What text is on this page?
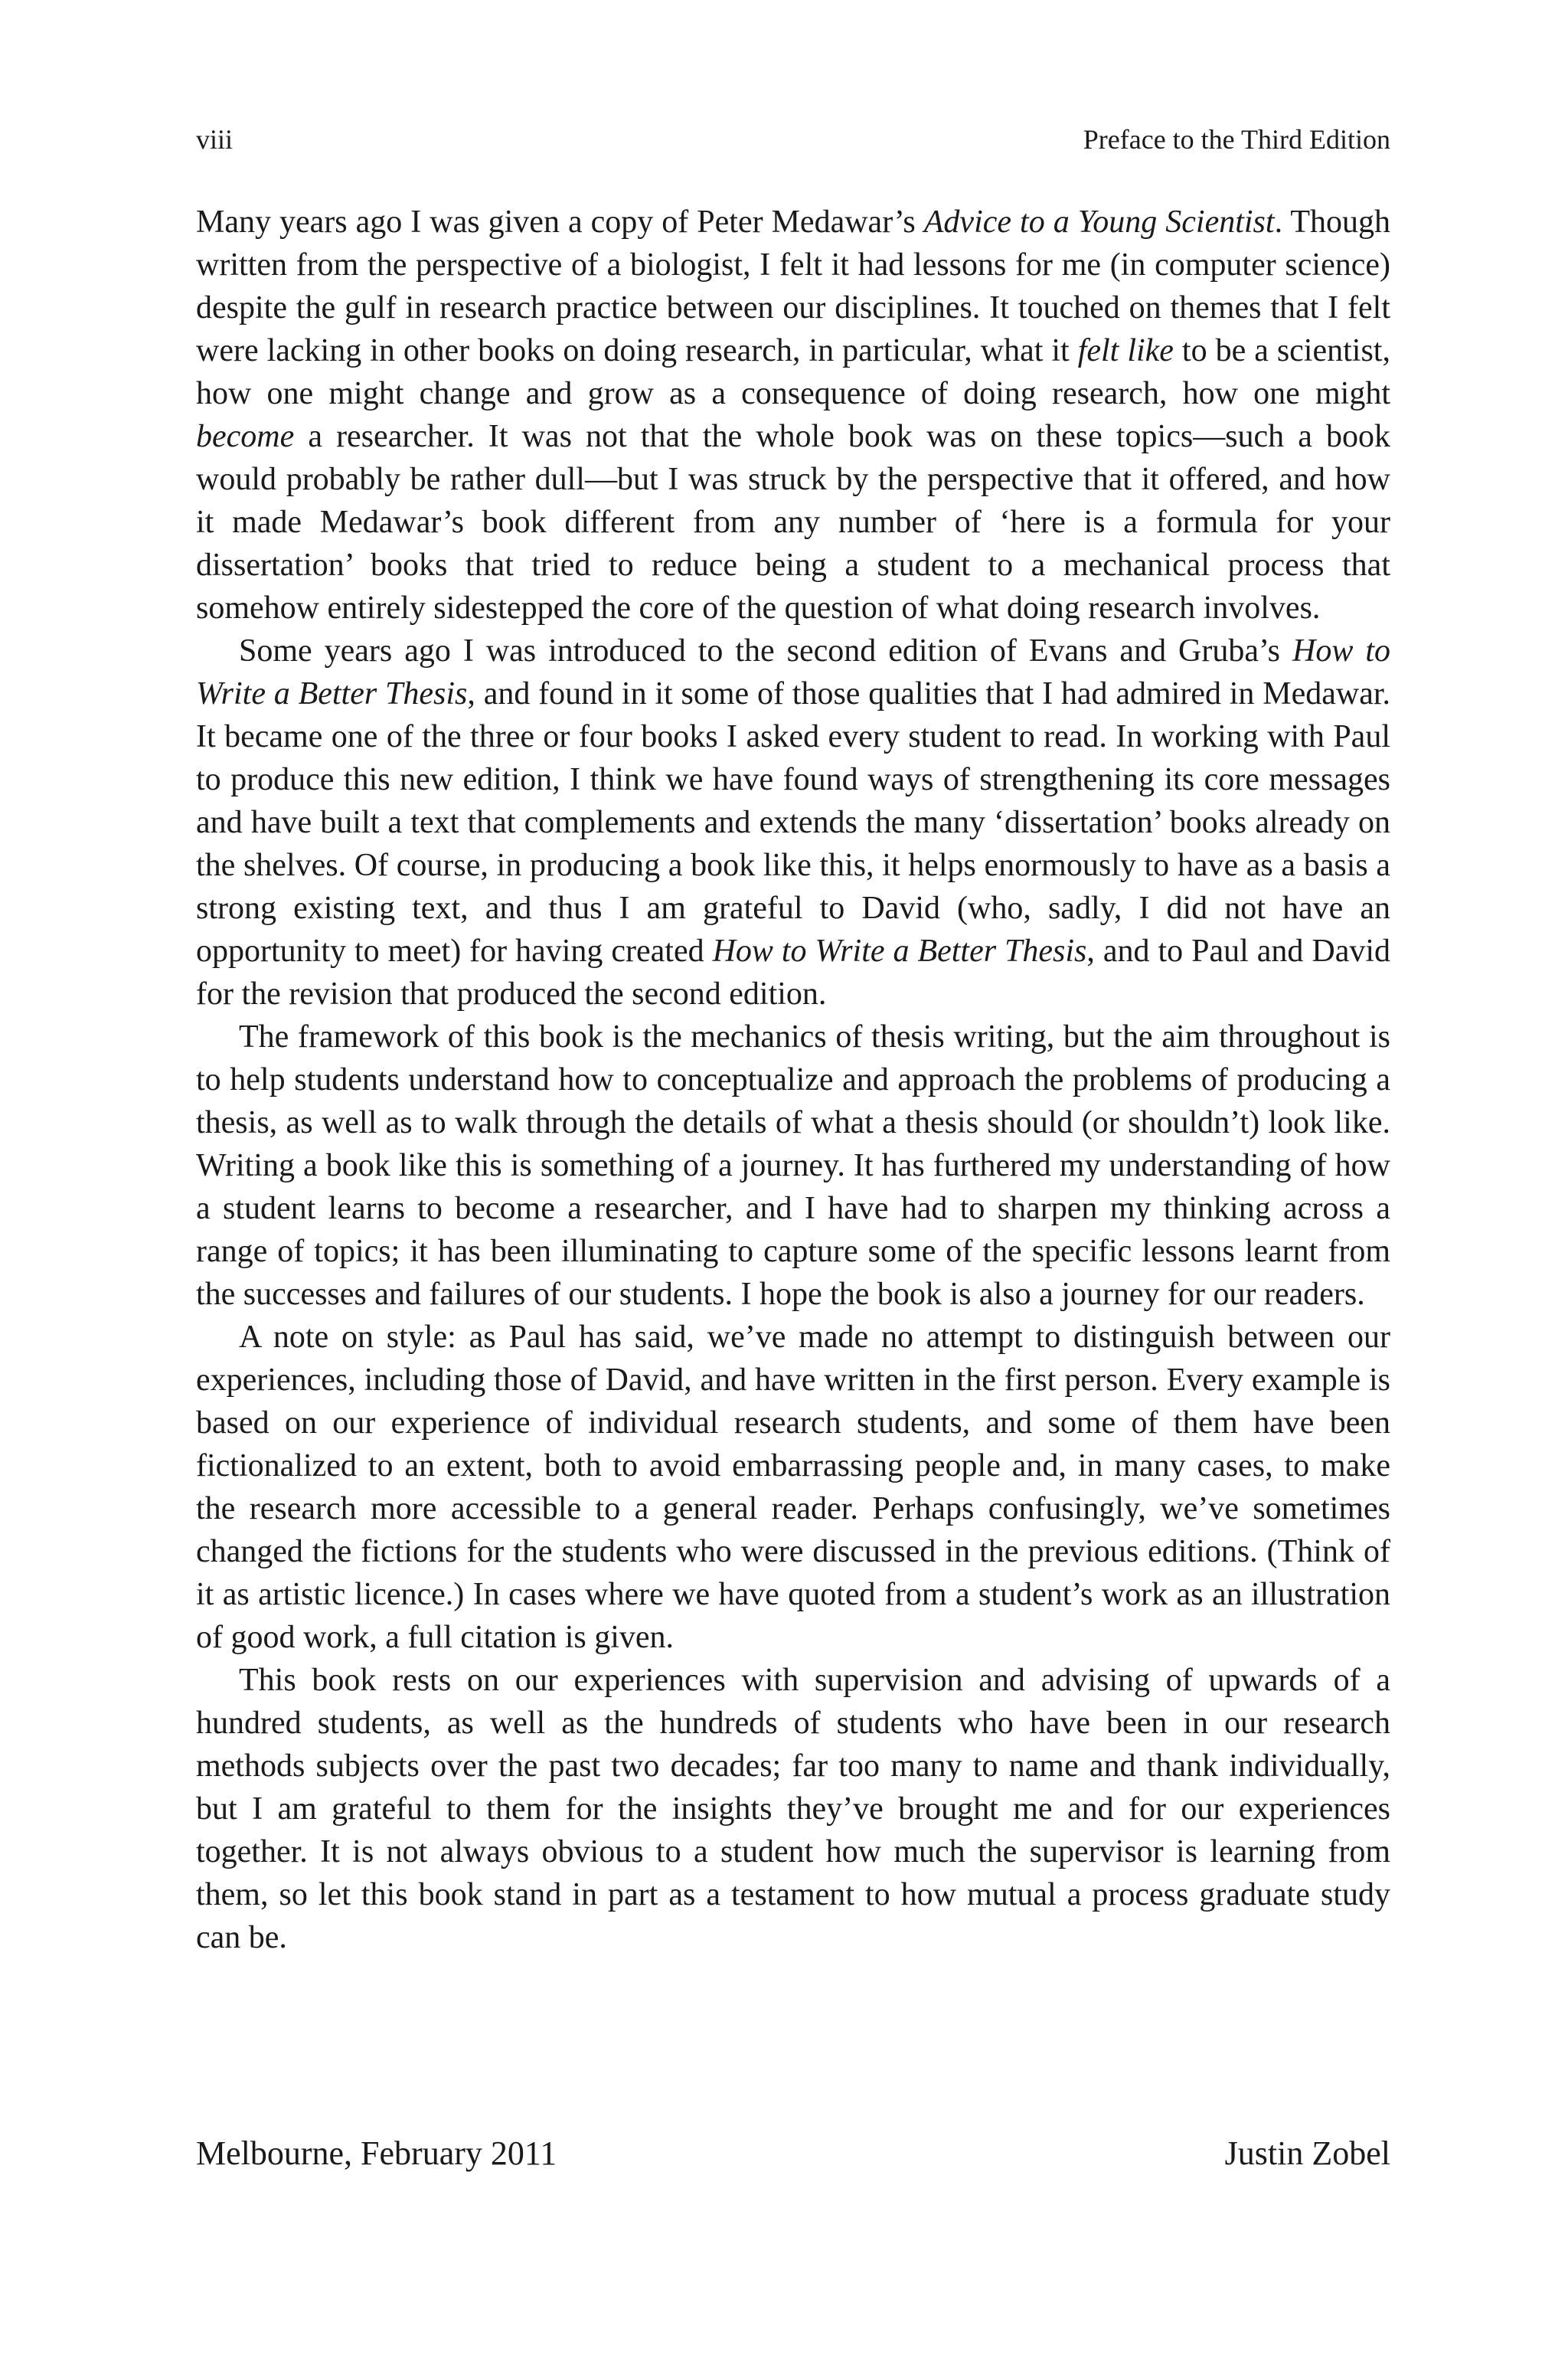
viii	Preface to the Third Edition

Many years ago I was given a copy of Peter Medawar’s Advice to a Young Scientist. Though written from the perspective of a biologist, I felt it had lessons for me (in computer science) despite the gulf in research practice between our disciplines. It touched on themes that I felt were lacking in other books on doing research, in particular, what it felt like to be a scientist, how one might change and grow as a consequence of doing research, how one might become a researcher. It was not that the whole book was on these topics—such a book would probably be rather dull—but I was struck by the perspective that it offered, and how it made Medawar’s book different from any number of ‘here is a formula for your dissertation’ books that tried to reduce being a student to a mechanical process that somehow entirely sidestepped the core of the question of what doing research involves.

Some years ago I was introduced to the second edition of Evans and Gruba’s How to Write a Better Thesis, and found in it some of those qualities that I had admired in Medawar. It became one of the three or four books I asked every student to read. In working with Paul to produce this new edition, I think we have found ways of strengthening its core messages and have built a text that complements and extends the many ‘dissertation’ books already on the shelves. Of course, in producing a book like this, it helps enormously to have as a basis a strong existing text, and thus I am grateful to David (who, sadly, I did not have an opportunity to meet) for having created How to Write a Better Thesis, and to Paul and David for the revision that produced the second edition.

The framework of this book is the mechanics of thesis writing, but the aim throughout is to help students understand how to conceptualize and approach the problems of producing a thesis, as well as to walk through the details of what a thesis should (or shouldn’t) look like. Writing a book like this is something of a journey. It has furthered my understanding of how a student learns to become a researcher, and I have had to sharpen my thinking across a range of topics; it has been illuminating to capture some of the specific lessons learnt from the successes and failures of our students. I hope the book is also a journey for our readers.

A note on style: as Paul has said, we’ve made no attempt to distinguish between our experiences, including those of David, and have written in the first person. Every example is based on our experience of individual research students, and some of them have been fictionalized to an extent, both to avoid embarrassing people and, in many cases, to make the research more accessible to a general reader. Perhaps confusingly, we’ve sometimes changed the fictions for the students who were discussed in the previous editions. (Think of it as artistic licence.) In cases where we have quoted from a student’s work as an illustration of good work, a full citation is given.

This book rests on our experiences with supervision and advising of upwards of a hundred students, as well as the hundreds of students who have been in our research methods subjects over the past two decades; far too many to name and thank individually, but I am grateful to them for the insights they’ve brought me and for our experiences together. It is not always obvious to a student how much the supervisor is learning from them, so let this book stand in part as a testament to how mutual a process graduate study can be.

Melbourne, February 2011	Justin Zobel
